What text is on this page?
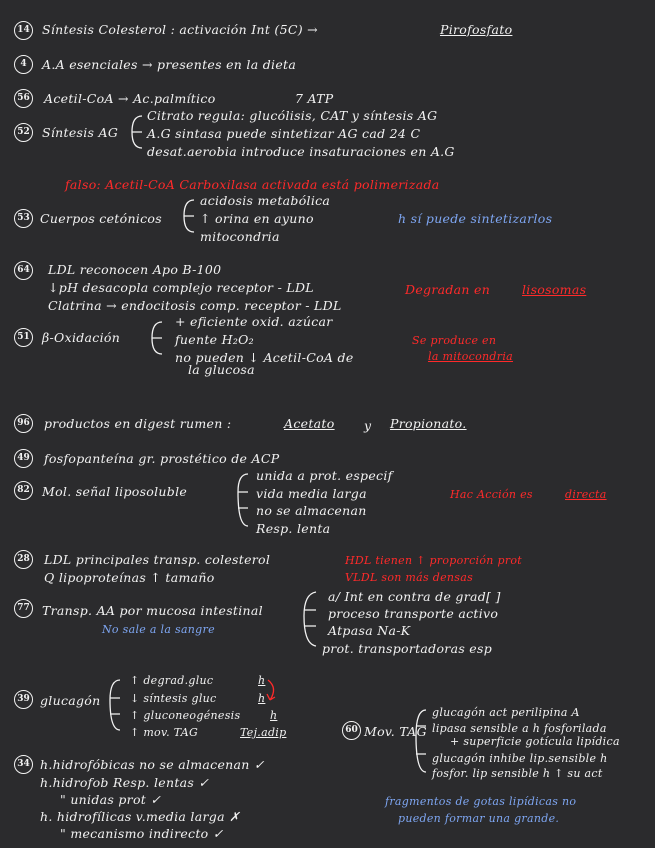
14 Síntesis Colesterol : activación Int (5C) →	Pirofosfato
4	A.A esenciales → presentes en la dieta
56 Acetil-CoA → Ac.palmítico	7 ATP
52 Síntesis AG
Citrato regula: glucólisis, CAT y síntesis AG
A.G sintasa puede sintetizar AG cad 24 C
desat.aerobia introduce insaturaciones en A.G
falso: Acetil-CoA Carboxilasa activada está polimerizada
53 Cuerpos cetónicos
acidosis metabólica
↑ orina en ayuno
mitocondria
h sí puede sintetizarlos
64 LDL reconocen Apo B-100
↓pH desacopla complejo receptor - LDL
Clatrina → endocitosis comp. receptor - LDL
Degradan en	lisosomas
51 β-Oxidación
+ eficiente oxid. azúcar
fuente H₂O₂
no pueden ↓ Acetil-CoA de
la glucosa
Se produce en
la mitocondria
96 productos en digest rumen :	Acetato y Propionato.
49 fosfopanteína gr. prostético de ACP
82 Mol. señal liposoluble
unida a prot. especif
vida media larga
no se almacenan
Resp. lenta
Hac Acción es	directa
28 LDL principales transp. colesterol
Q lipoproteínas ↑ tamaño
HDL tienen ↑ proporción prot
VLDL son más densas
77 Transp. AA por mucosa intestinal
No sale a la sangre
a/ Int en contra de grad[ ]
proceso transporte activo
Atpasa Na-K
prot. transportadoras esp
39 glucagón
↑ degrad.gluc	h
↓ síntesis gluc	h
↑ gluconeogénesis	h
↑ mov. TAG	Tej.adip	60 Mov. TAG
glucagón act perilipina A
lipasa sensible a h fosforilada
+ superficie gotícula lipídica
glucagón inhibe lip.sensible h
fosfor. lip sensible h ↑ su act
fragmentos de gotas lipídicas no
pueden formar una grande.
34 h.hidrofóbicas no se almacenan ✓
h.hidrofob Resp. lentas ✓
" unidas prot ✓
h. hidrofílicas v.media larga ✗
" mecanismo indirecto ✓
